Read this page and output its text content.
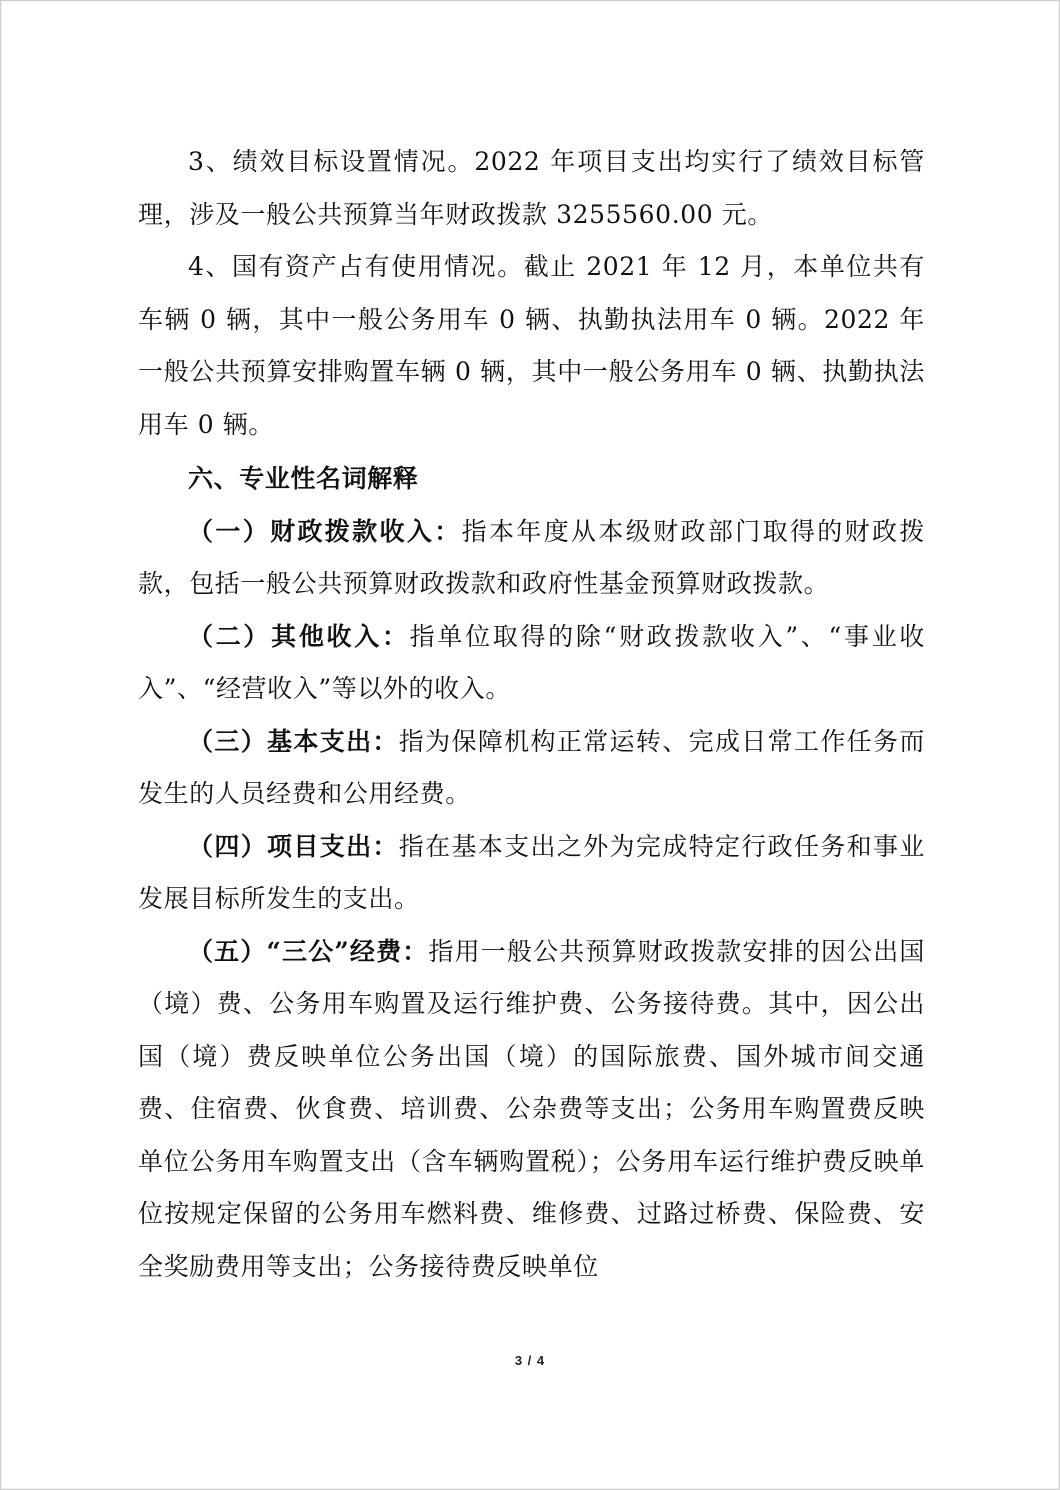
3、绩效目标设置情况。2022 年项目支出均实行了绩效目标管理，涉及一般公共预算当年财政拨款 3255560.00 元。

4、国有资产占有使用情况。截止 2021 年 12 月，本单位共有车辆 0 辆，其中一般公务用车 0 辆、执勤执法用车 0 辆。2022 年一般公共预算安排购置车辆 0 辆，其中一般公务用车 0 辆、执勤执法用车 0 辆。

六、专业性名词解释

（一）财政拨款收入：指本年度从本级财政部门取得的财政拨款，包括一般公共预算财政拨款和政府性基金预算财政拨款。

（二）其他收入：指单位取得的除“财政拨款收入”、“事业收入”、“经营收入”等以外的收入。

（三）基本支出：指为保障机构正常运转、完成日常工作任务而发生的人员经费和公用经费。

（四）项目支出：指在基本支出之外为完成特定行政任务和事业发展目标所发生的支出。

（五）“三公”经费：指用一般公共预算财政拨款安排的因公出国（境）费、公务用车购置及运行维护费、公务接待费。其中，因公出国（境）费反映单位公务出国（境）的国际旅费、国外城市间交通费、住宿费、伙食费、培训费、公杂费等支出；公务用车购置费反映单位公务用车购置支出（含车辆购置税）；公务用车运行维护费反映单位按规定保留的公务用车燃料费、维修费、过路过桥费、保险费、安全奖励费用等支出；公务接待费反映单位

3 / 4
